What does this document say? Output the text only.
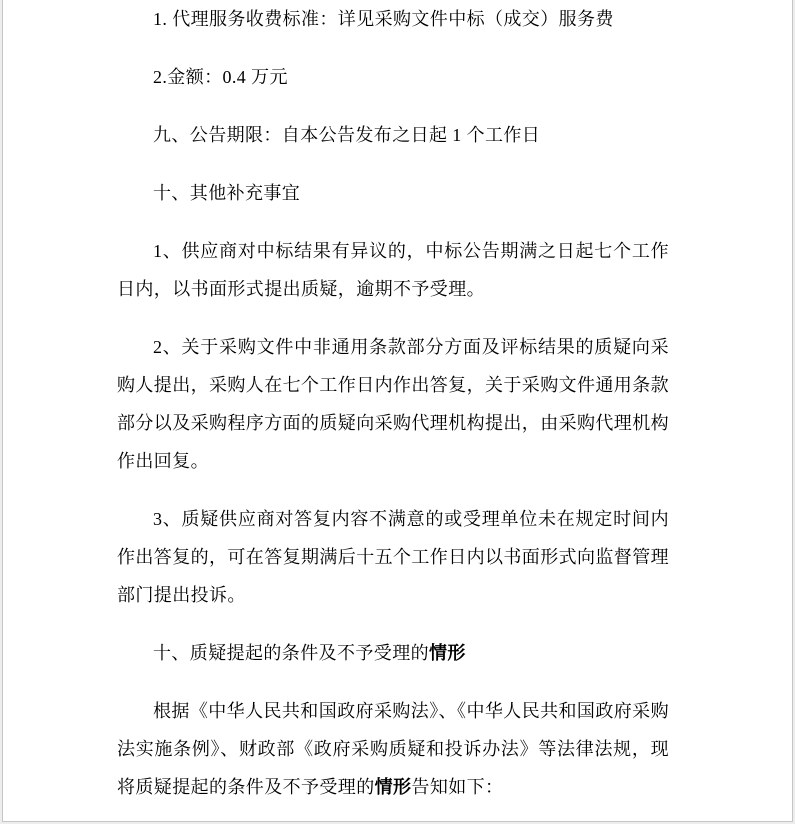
1. 代理服务收费标准：详见采购文件中标（成交）服务费

2.金额：0.4 万元

九、公告期限：自本公告发布之日起 1 个工作日

十、其他补充事宜

1、供应商对中标结果有异议的，中标公告期满之日起七个工作日内，以书面形式提出质疑，逾期不予受理。

2、关于采购文件中非通用条款部分方面及评标结果的质疑向采购人提出，采购人在七个工作日内作出答复，关于采购文件通用条款部分以及采购程序方面的质疑向采购代理机构提出，由采购代理机构作出回复。

3、质疑供应商对答复内容不满意的或受理单位未在规定时间内作出答复的，可在答复期满后十五个工作日内以书面形式向监督管理部门提出投诉。

十、质疑提起的条件及不予受理的情形

根据《中华人民共和国政府采购法》、《中华人民共和国政府采购法实施条例》、财政部《政府采购质疑和投诉办法》等法律法规，现将质疑提起的条件及不予受理的情形告知如下：
